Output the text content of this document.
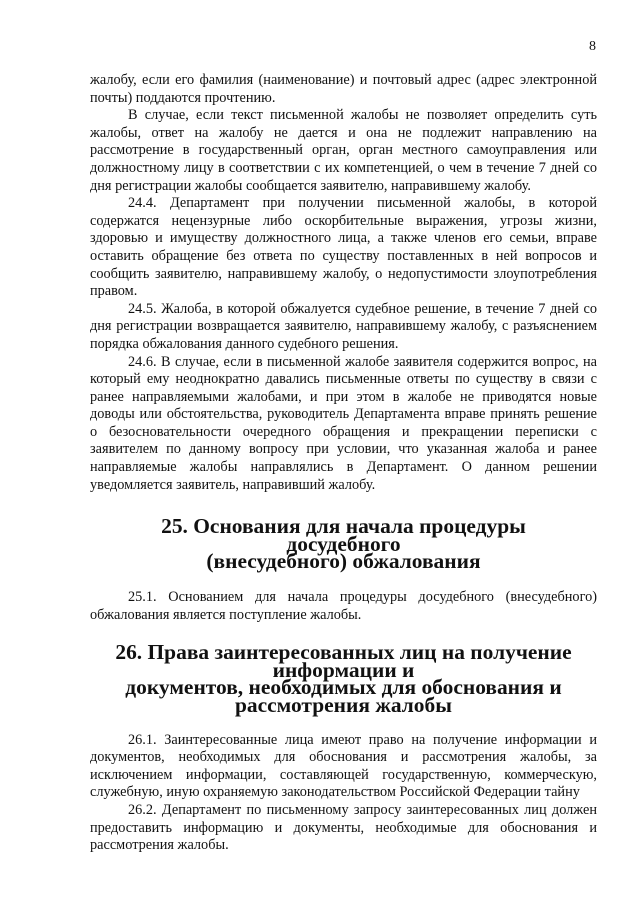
8

жалобу, если его фамилия (наименование) и почтовый адрес (адрес электронной почты) поддаются прочтению.

В случае, если текст письменной жалобы не позволяет определить суть жалобы, ответ на жалобу не дается и она не подлежит направлению на рассмотрение в государственный орган, орган местного самоуправления или должностному лицу в соответствии с их компетенцией, о чем в течение 7 дней со дня регистрации жалобы сообщается заявителю, направившему жалобу.

24.4. Департамент при получении письменной жалобы, в которой содержатся нецензурные либо оскорбительные выражения, угрозы жизни, здоровью и имуществу должностного лица, а также членов его семьи, вправе оставить обращение без ответа по существу поставленных в ней вопросов и сообщить заявителю, направившему жалобу, о недопустимости злоупотребления правом.

24.5. Жалоба, в которой обжалуется судебное решение, в течение 7 дней со дня регистрации возвращается заявителю, направившему жалобу, с разъяснением порядка обжалования данного судебного решения.

24.6. В случае, если в письменной жалобе заявителя содержится вопрос, на который ему неоднократно давались письменные ответы по существу в связи с ранее направляемыми жалобами, и при этом в жалобе не приводятся новые доводы или обстоятельства, руководитель Департамента вправе принять решение о безосновательности очередного обращения и прекращении переписки с заявителем по данному вопросу при условии, что указанная жалоба и ранее направляемые жалобы направлялись в Департамент. О данном решении уведомляется заявитель, направивший жалобу.

25. Основания для начала процедуры досудебного
(внесудебного) обжалования

25.1. Основанием для начала процедуры досудебного (внесудебного) обжалования является поступление жалобы.

26. Права заинтересованных лиц на получение информации и
документов, необходимых для обоснования и рассмотрения жалобы

26.1. Заинтересованные лица имеют право на получение информации и документов, необходимых для обоснования и рассмотрения жалобы, за исключением информации, составляющей государственную, коммерческую, служебную, иную охраняемую законодательством Российской Федерации тайну

26.2. Департамент по письменному запросу заинтересованных лиц должен предоставить информацию и документы, необходимые для обоснования и рассмотрения жалобы.
